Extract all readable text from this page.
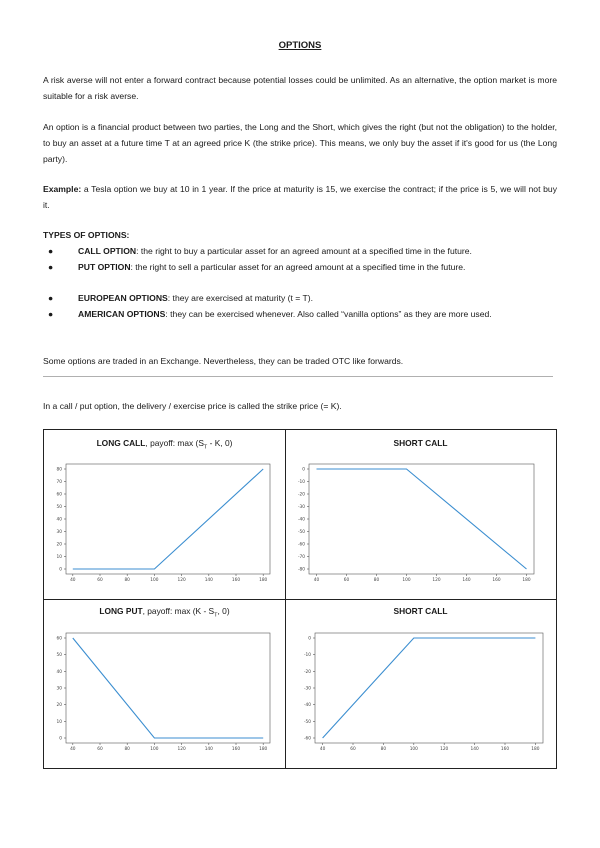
OPTIONS
A risk averse will not enter a forward contract because potential losses could be unlimited. As an alternative, the option market is more suitable for a risk averse.
An option is a financial product between two parties, the Long and the Short, which gives the right (but not the obligation) to the holder, to buy an asset at a future time T at an agreed price K (the strike price). This means, we only buy the asset if it's good for us (the Long party).
Example: a Tesla option we buy at 10 in 1 year. If the price at maturity is 15, we exercise the contract; if the price is 5, we will not buy it.
TYPES OF OPTIONS:
●	CALL OPTION: the right to buy a particular asset for an agreed amount at a specified time in the future.
●	PUT OPTION: the right to sell a particular asset for an agreed amount at a specified time in the future.
●	EUROPEAN OPTIONS: they are exercised at maturity (t = T).
●	AMERICAN OPTIONS: they can be exercised whenever. Also called “vanilla options” as they are more used.
Some options are traded in an Exchange. Nevertheless, they can be traded OTC like forwards.
In a call / put option, the delivery / exercise price is called the strike price (= K).
LONG CALL, payoff: $\max (S_T$ - K, 0)
40	60	80	100	120	140	160	180
0
10
20
30
40
50
60
70
80
SHORT CALL
40	60	80	100	120	140	160	180
0
-10
-20
-30
-40
-50
-60
-70
-80
LONG PUT, payoff: $\max (K - S_T$, 0)
40	60	80	100	120	140	160	180
0
10
20
30
40
50
60
SHORT CALL
40	60	80	100	120	140	160	180
0
-10
-20
-30
-40
-50
-60
